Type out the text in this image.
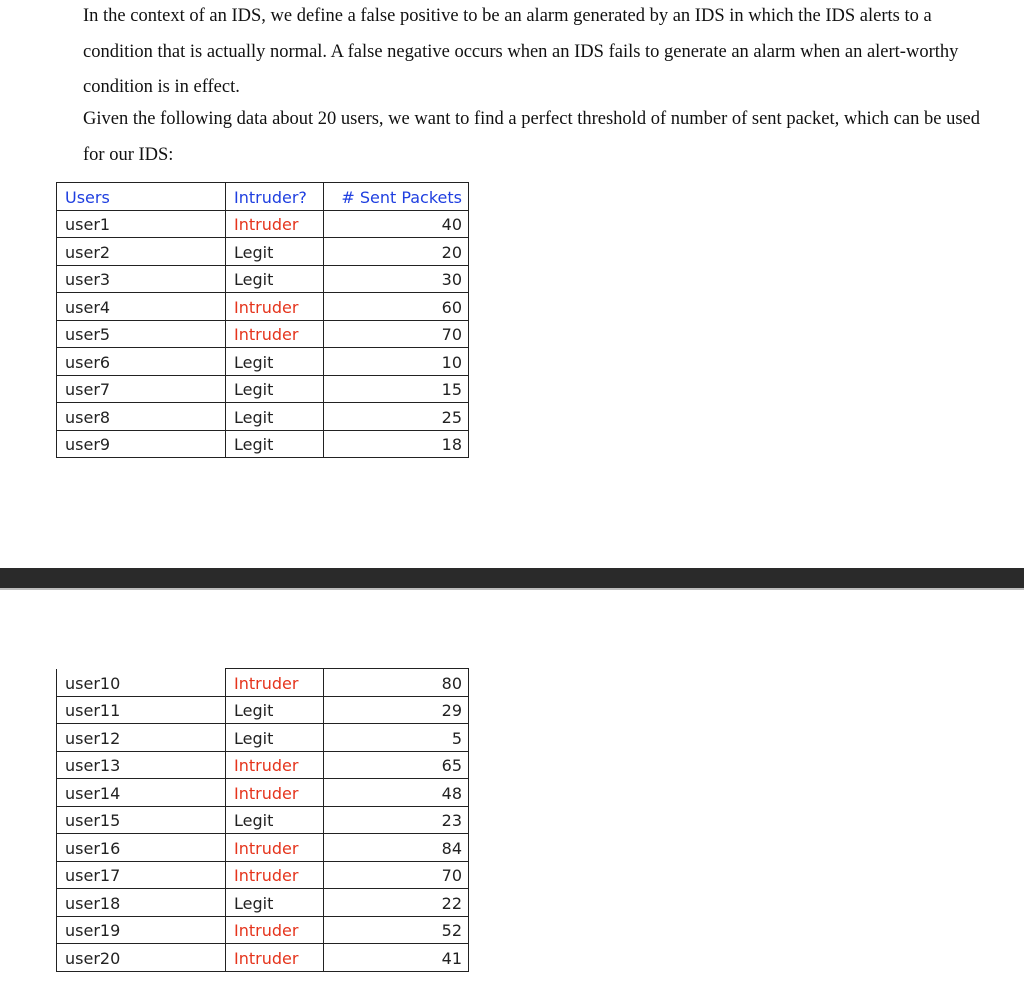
In the context of an IDS, we define a false positive to be an alarm generated by an IDS in which the IDS alerts to a condition that is actually normal. A false negative occurs when an IDS fails to generate an alarm when an alert-worthy condition is in effect.

Given the following data about 20 users, we want to find a perfect threshold of number of sent packet, which can be used for our IDS:

Users	Intruder?	# Sent Packets
user1	Intruder	40
user2	Legit	20
user3	Legit	30
user4	Intruder	60
user5	Intruder	70
user6	Legit	10
user7	Legit	15
user8	Legit	25
user9	Legit	18
user10	Intruder	80
user11	Legit	29
user12	Legit	5
user13	Intruder	65
user14	Intruder	48
user15	Legit	23
user16	Intruder	84
user17	Intruder	70
user18	Legit	22
user19	Intruder	52
user20	Intruder	41
